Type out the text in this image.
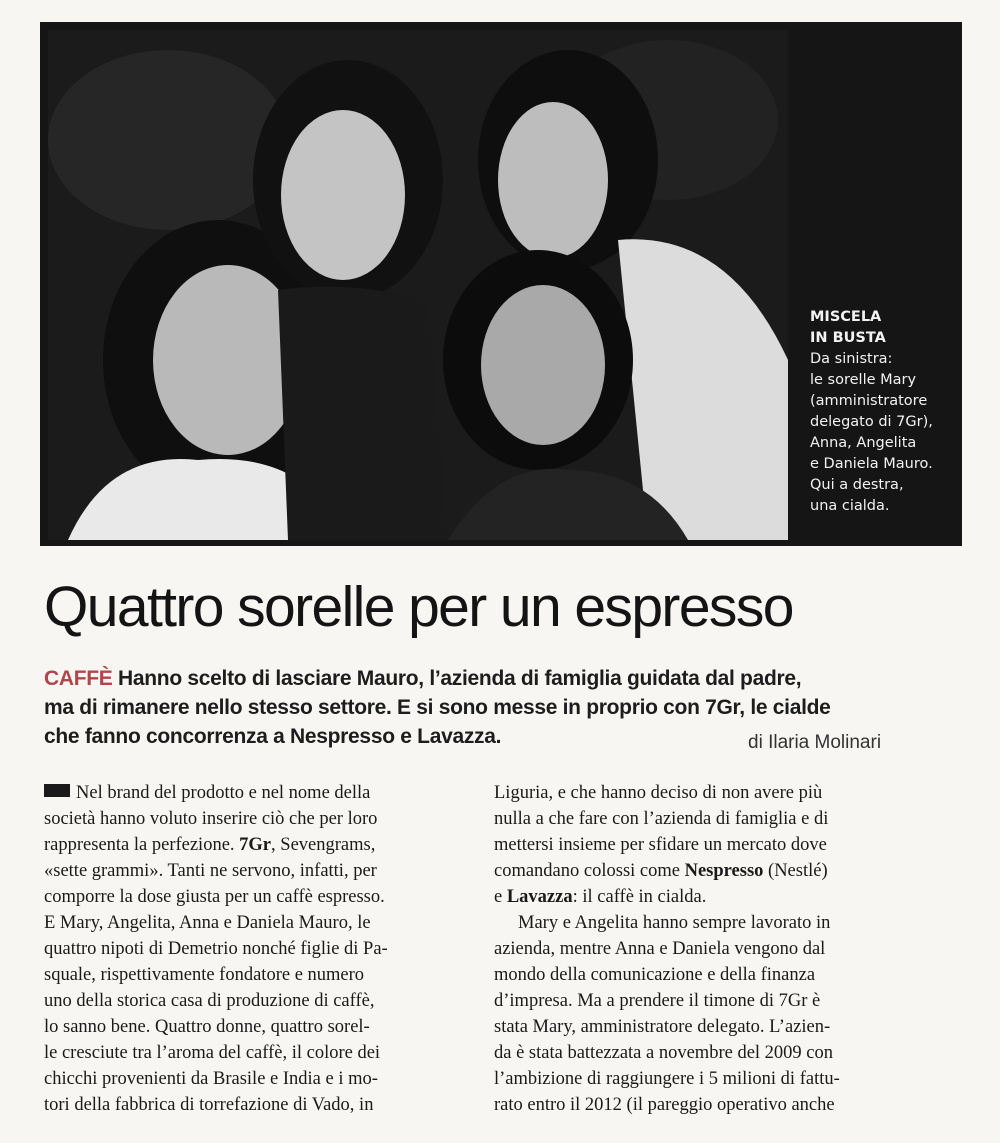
MISCELA
IN BUSTA
Da sinistra:
le sorelle Mary
(amministratore
delegato di 7Gr),
Anna, Angelita
e Daniela Mauro.
Qui a destra,
una cialda.
Quattro sorelle per un espresso
CAFFÈ Hanno scelto di lasciare Mauro, l’azienda di famiglia guidata dal padre,
ma di rimanere nello stesso settore. E si sono messe in proprio con 7Gr, le cialde
che fanno concorrenza a Nespresso e Lavazza.	di Ilaria Molinari

Nel brand del prodotto e nel nome della

società hanno voluto inserire ciò che per loro

rappresenta la perfezione. 7Gr, Sevengrams,

«sette grammi». Tanti ne servono, infatti, per

comporre la dose giusta per un caffè espresso.

E Mary, Angelita, Anna e Daniela Mauro, le

quattro nipoti di Demetrio nonché figlie di Pa-

squale, rispettivamente fondatore e numero

uno della storica casa di produzione di caffè,

lo sanno bene. Quattro donne, quattro sorel-

le cresciute tra l’aroma del caffè, il colore dei

chicchi provenienti da Brasile e India e i mo-

tori della fabbrica di torrefazione di Vado, in

Liguria, e che hanno deciso di non avere più

nulla a che fare con l’azienda di famiglia e di

mettersi insieme per sfidare un mercato dove

comandano colossi come Nespresso (Nestlé)

e Lavazza: il caffè in cialda.

Mary e Angelita hanno sempre lavorato in

azienda, mentre Anna e Daniela vengono dal

mondo della comunicazione e della finanza

d’impresa. Ma a prendere il timone di 7Gr è

stata Mary, amministratore delegato. L’azien-

da è stata battezzata a novembre del 2009 con

l’ambizione di raggiungere i 5 milioni di fattu-

rato entro il 2012 (il pareggio operativo anche
